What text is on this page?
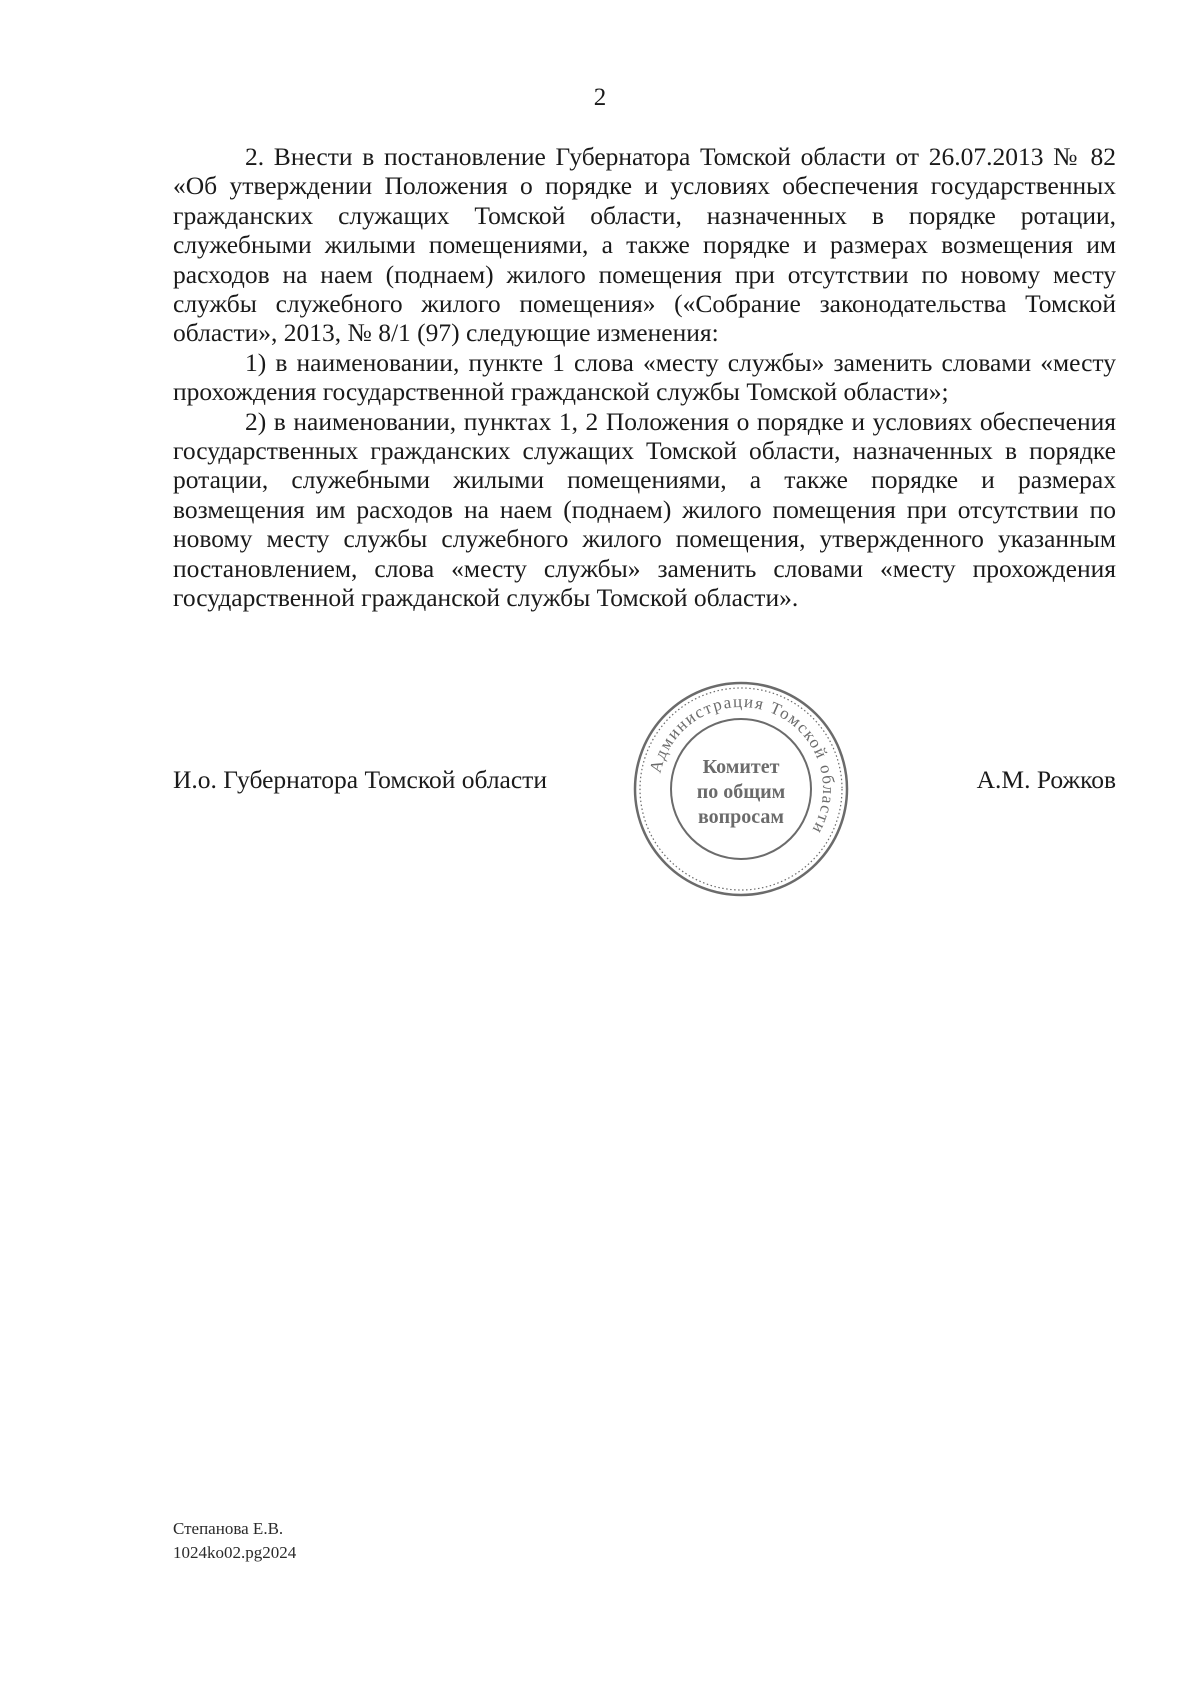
2

2. Внести в постановление Губернатора Томской области от 26.07.2013 № 82 «Об утверждении Положения о порядке и условиях обеспечения государственных гражданских служащих Томской области, назначенных в порядке ротации, служебными жилыми помещениями, а также порядке и размерах возмещения им расходов на наем (поднаем) жилого помещения при отсутствии по новому месту службы служебного жилого помещения» («Собрание законодательства Томской области», 2013, № 8/1 (97) следующие изменения:

1) в наименовании, пункте 1 слова «месту службы» заменить словами «месту прохождения государственной гражданской службы Томской области»;

2) в наименовании, пунктах 1, 2 Положения о порядке и условиях обеспечения государственных гражданских служащих Томской области, назначенных в порядке ротации, служебными жилыми помещениями, а также порядке и размерах возмещения им расходов на наем (поднаем) жилого помещения при отсутствии по новому месту службы служебного жилого помещения, утвержденного указанным постановлением, слова «месту службы» заменить словами «месту прохождения государственной гражданской службы Томской области».

И.о. Губернатора Томской области	А.М. Рожков
Администрация Томской области
Комитет
по общим
вопросам
Степанова Е.В.
1024ko02.pg2024
